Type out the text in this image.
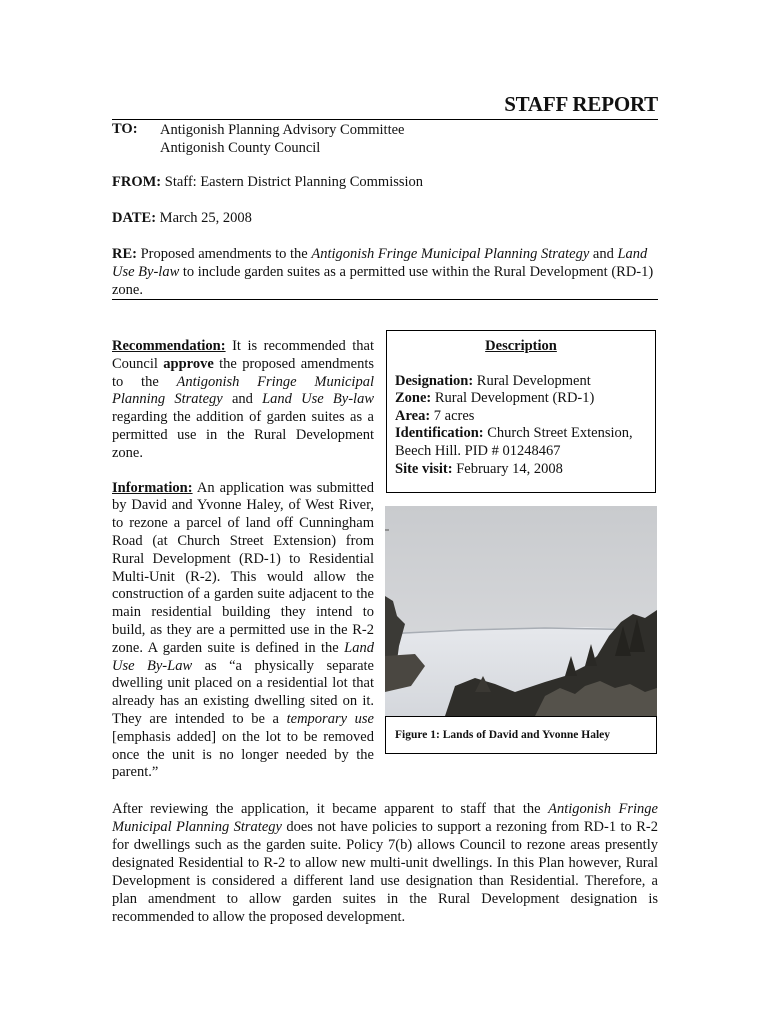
STAFF REPORT
TO: Antigonish Planning Advisory Committee
Antigonish County Council
FROM: Staff: Eastern District Planning Commission
DATE: March 25, 2008
RE: Proposed amendments to the Antigonish Fringe Municipal Planning Strategy and Land Use By-law to include garden suites as a permitted use within the Rural Development (RD-1) zone.

Recommendation: It is recommended that Council approve the proposed amendments to the Antigonish Fringe Municipal Planning Strategy and Land Use By-law regarding the addition of garden suites as a permitted use in the Rural Development zone.

Information: An application was submitted by David and Yvonne Haley, of West River, to rezone a parcel of land off Cunningham Road (at Church Street Extension) from Rural Development (RD-1) to Residential Multi-Unit (R-2). This would allow the construction of a garden suite adjacent to the main residential building they intend to build, as they are a permitted use in the R-2 zone. A garden suite is defined in the Land Use By-Law as “a physically separate dwelling unit placed on a residential lot that already has an existing dwelling sited on it. They are intended to be a temporary use [emphasis added] on the lot to be removed once the unit is no longer needed by the parent.”

Description
Designation: Rural Development
Zone: Rural Development (RD-1)
Area: 7 acres
Identification: Church Street Extension, Beech Hill. PID # 01248467
Site visit: February 14, 2008
Figure 1: Lands of David and Yvonne Haley

After reviewing the application, it became apparent to staff that the Antigonish Fringe Municipal Planning Strategy does not have policies to support a rezoning from RD-1 to R-2 for dwellings such as the garden suite. Policy 7(b) allows Council to rezone areas presently designated Residential to R-2 to allow new multi-unit dwellings. In this Plan however, Rural Development is considered a different land use designation than Residential. Therefore, a plan amendment to allow garden suites in the Rural Development designation is recommended to allow the proposed development.
